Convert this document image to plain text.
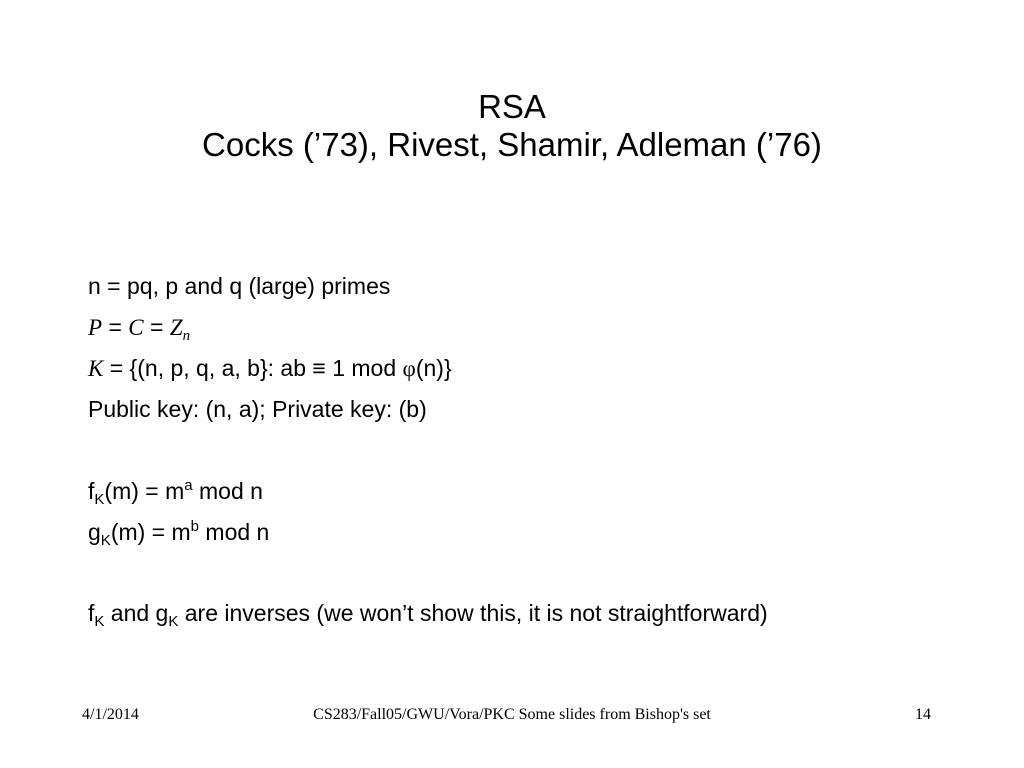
RSA
Cocks (’73), Rivest, Shamir, Adleman (’76)
n = pq, p and q (large) primes
$P = C = Z_n$
K = {(n, p, q, a, b}: ab ≡ 1 mod φ(n)}
Public key: (n, a); Private key: (b)
$f_K(m) = m^a$ mod n
$g_K(m) = m^b$ mod n
$f_K$ and $g_K$ are inverses (we won’t show this, it is not straightforward)
4/1/2014	CS283/Fall05/GWU/Vora/PKC Some slides from Bishop's set	14
